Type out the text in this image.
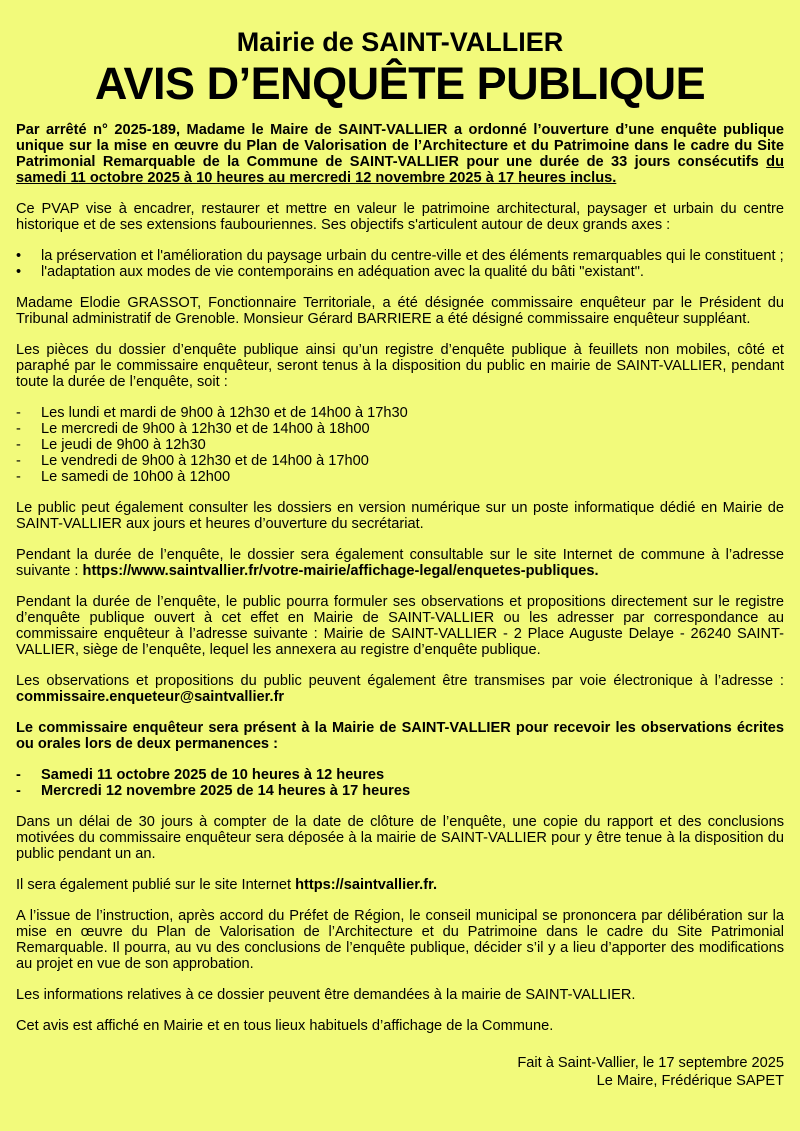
Mairie de SAINT-VALLIER
AVIS D’ENQUÊTE PUBLIQUE

Par arrêté n° 2025-189, Madame le Maire de SAINT-VALLIER a ordonné l’ouverture d’une enquête publique unique sur la mise en œuvre du Plan de Valorisation de l’Architecture et du Patrimoine dans le cadre du Site Patrimonial Remarquable de la Commune de SAINT-VALLIER pour une durée de 33 jours consécutifs du samedi 11 octobre 2025 à 10 heures au mercredi 12 novembre 2025 à 17 heures inclus.

Ce PVAP vise à encadrer, restaurer et mettre en valeur le patrimoine architectural, paysager et urbain du centre historique et de ses extensions faubouriennes. Ses objectifs s'articulent autour de deux grands axes :

• la préservation et l'amélioration du paysage urbain du centre-ville et des éléments remarquables qui le constituent ;

• l'adaptation aux modes de vie contemporains en adéquation avec la qualité du bâti "existant".

Madame Elodie GRASSOT, Fonctionnaire Territoriale, a été désignée commissaire enquêteur par le Président du Tribunal administratif de Grenoble. Monsieur Gérard BARRIERE a été désigné commissaire enquêteur suppléant.

Les pièces du dossier d’enquête publique ainsi qu’un registre d’enquête publique à feuillets non mobiles, côté et paraphé par le commissaire enquêteur, seront tenus à la disposition du public en mairie de SAINT-VALLIER, pendant toute la durée de l’enquête, soit :

- Les lundi et mardi de 9h00 à 12h30 et de 14h00 à 17h30

- Le mercredi de 9h00 à 12h30 et de 14h00 à 18h00

- Le jeudi de 9h00 à 12h30

- Le vendredi de 9h00 à 12h30 et de 14h00 à 17h00

- Le samedi de 10h00 à 12h00

Le public peut également consulter les dossiers en version numérique sur un poste informatique dédié en Mairie de SAINT-VALLIER aux jours et heures d’ouverture du secrétariat.

Pendant la durée de l’enquête, le dossier sera également consultable sur le site Internet de commune à l’adresse suivante : https://www.saintvallier.fr/votre-mairie/affichage-legal/enquetes-publiques.

Pendant la durée de l’enquête, le public pourra formuler ses observations et propositions directement sur le registre d’enquête publique ouvert à cet effet en Mairie de SAINT-VALLIER ou les adresser par correspondance au commissaire enquêteur à l’adresse suivante : Mairie de SAINT-VALLIER - 2 Place Auguste Delaye - 26240 SAINT-VALLIER, siège de l’enquête, lequel les annexera au registre d’enquête publique.

Les observations et propositions du public peuvent également être transmises par voie électronique à l’adresse : commissaire.enqueteur@saintvallier.fr

Le commissaire enquêteur sera présent à la Mairie de SAINT-VALLIER pour recevoir les observations écrites ou orales lors de deux permanences :

- Samedi 11 octobre 2025 de 10 heures à 12 heures

- Mercredi 12 novembre 2025 de 14 heures à 17 heures

Dans un délai de 30 jours à compter de la date de clôture de l’enquête, une copie du rapport et des conclusions motivées du commissaire enquêteur sera déposée à la mairie de SAINT-VALLIER pour y être tenue à la disposition du public pendant un an.

Il sera également publié sur le site Internet https://saintvallier.fr.

A l’issue de l’instruction, après accord du Préfet de Région, le conseil municipal se prononcera par délibération sur la mise en œuvre du Plan de Valorisation de l’Architecture et du Patrimoine dans le cadre du Site Patrimonial Remarquable. Il pourra, au vu des conclusions de l’enquête publique, décider s’il y a lieu d’apporter des modifications au projet en vue de son approbation.

Les informations relatives à ce dossier peuvent être demandées à la mairie de SAINT-VALLIER.

Cet avis est affiché en Mairie et en tous lieux habituels d’affichage de la Commune.

Fait à Saint-Vallier, le 17 septembre 2025
Le Maire, Frédérique SAPET
